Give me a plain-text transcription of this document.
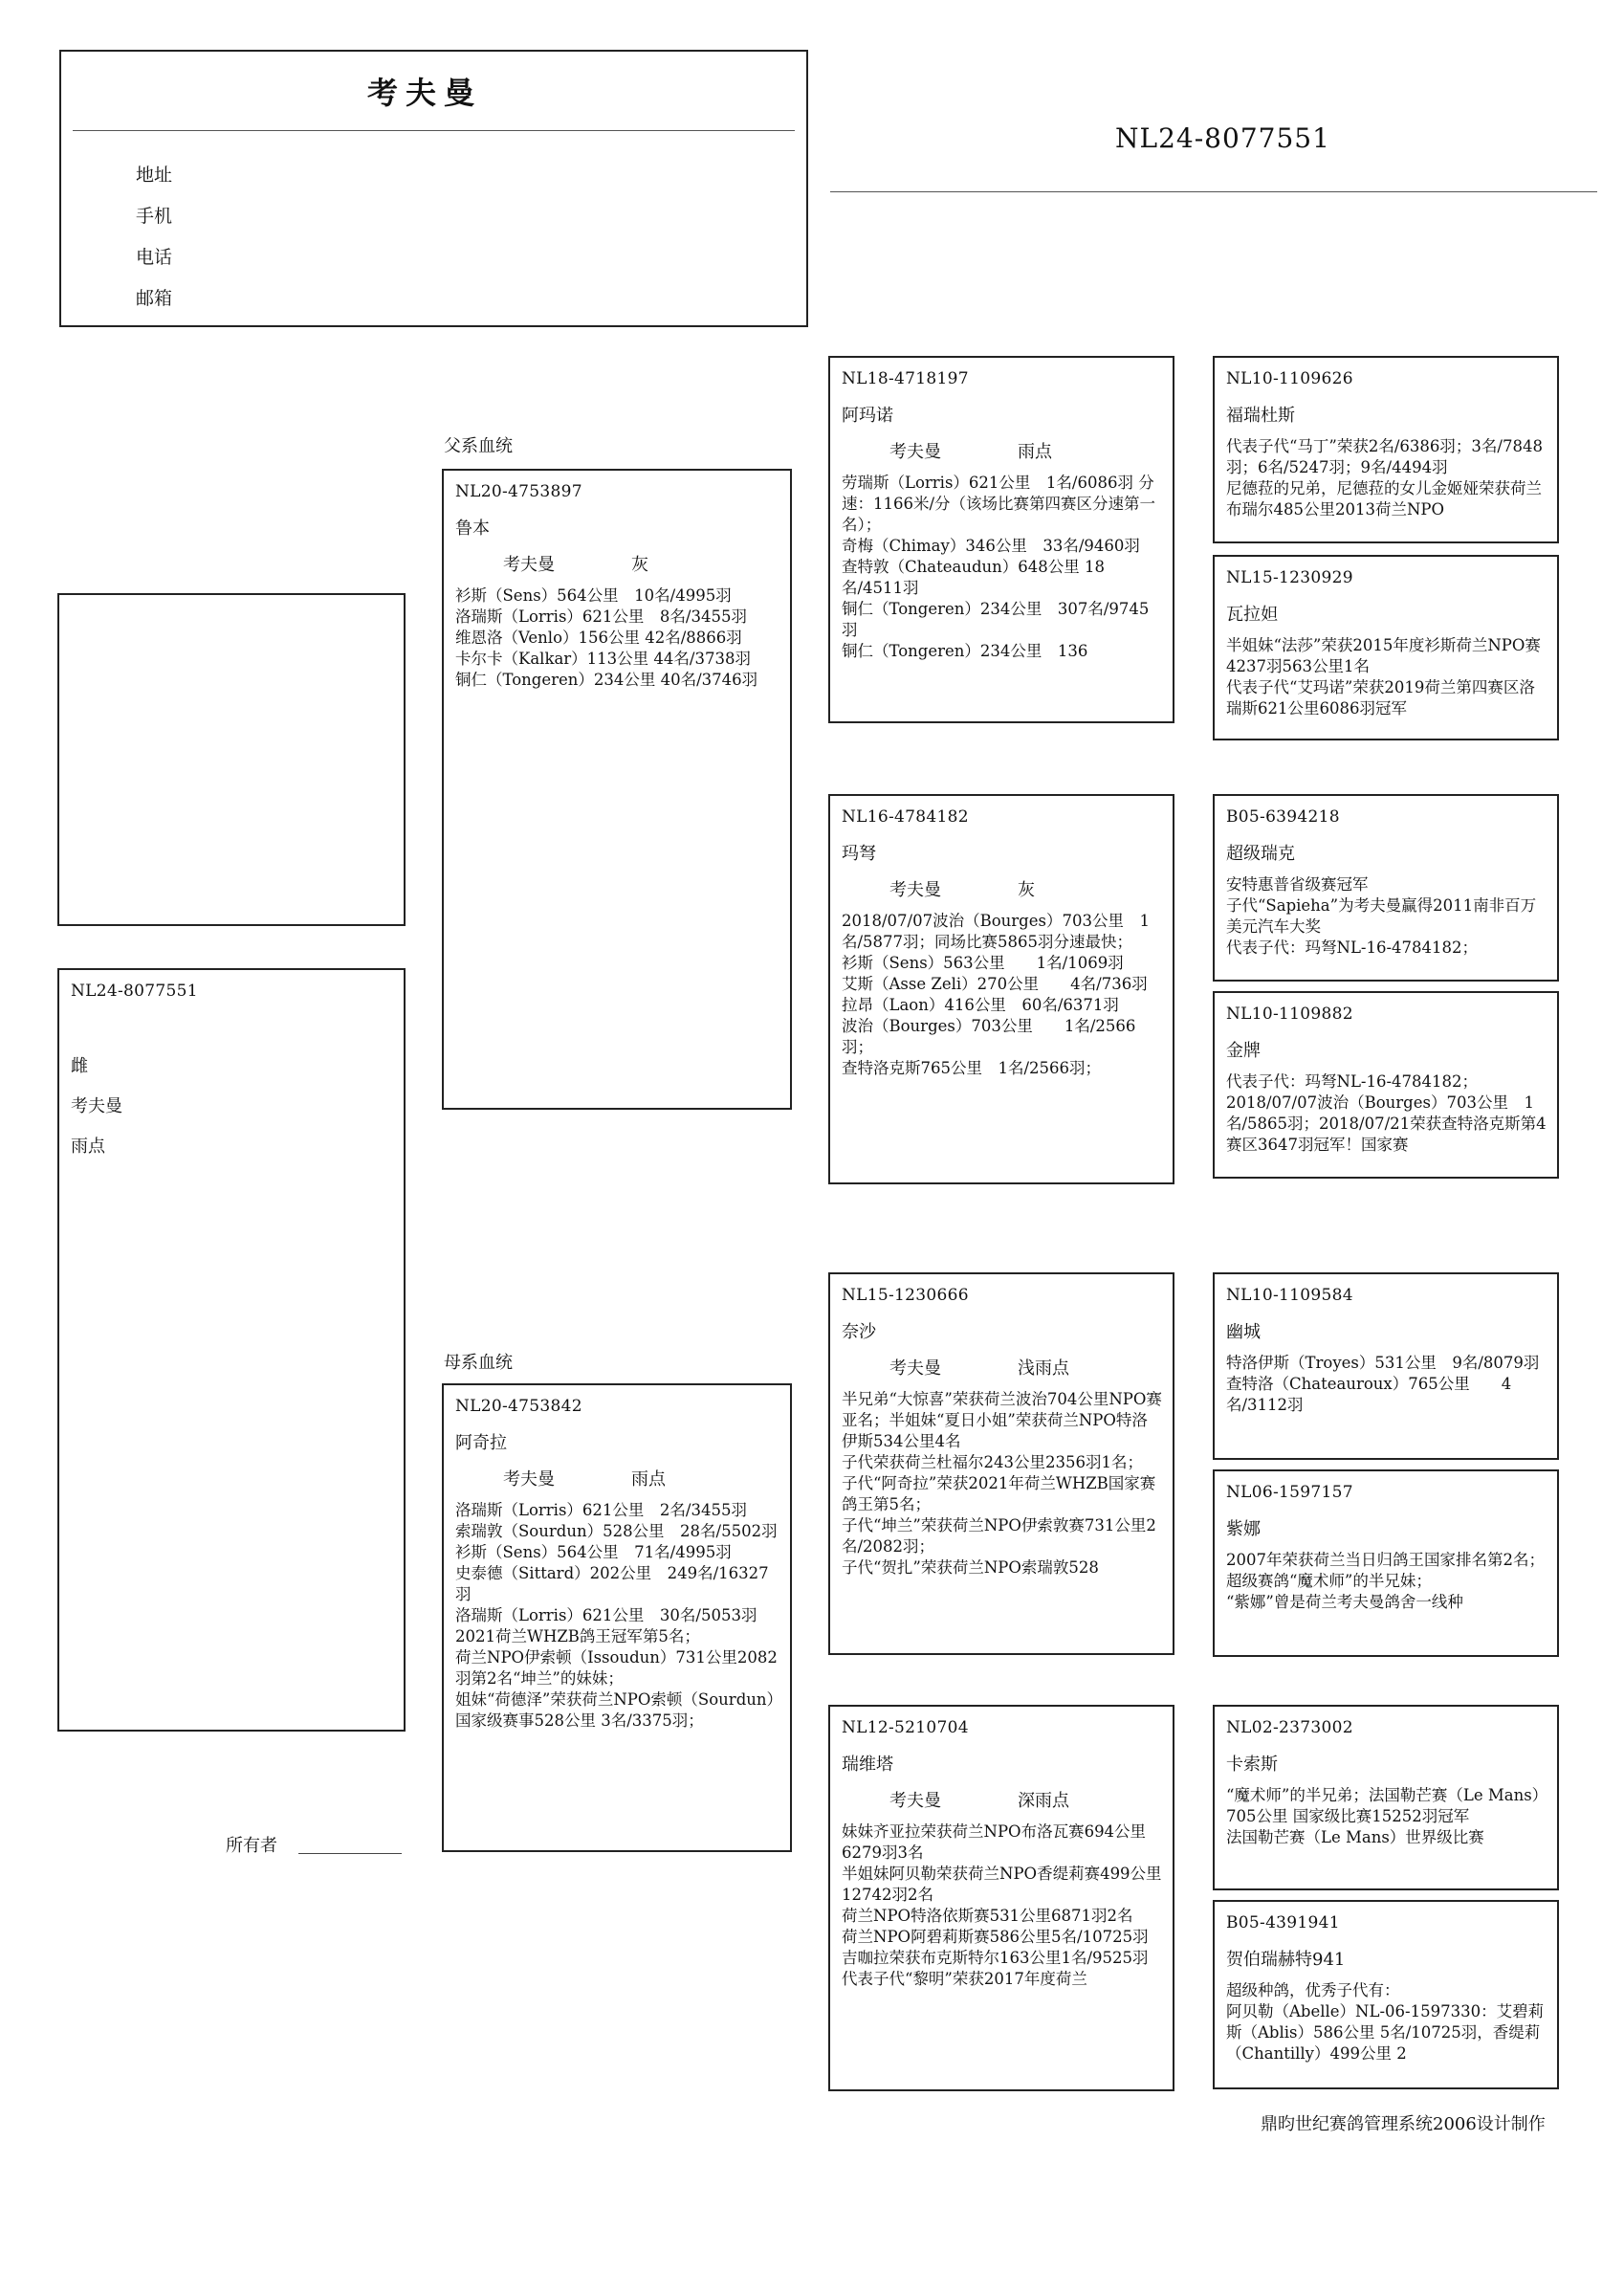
考夫曼
地址
手机
电话
邮箱
NL24-8077551
NL24-8077551
雌
考夫曼
雨点
所有者
父系血统
母系血统
NL20-4753897
鲁本
考夫曼	灰
衫斯（Sens）564公里　10名/4995羽
洛瑞斯（Lorris）621公里　8名/3455羽
维恩洛（Venlo）156公里 42名/8866羽
卡尔卡（Kalkar）113公里 44名/3738羽
铜仁（Tongeren）234公里 40名/3746羽
NL20-4753842
阿奇拉
考夫曼	雨点
洛瑞斯（Lorris）621公里　2名/3455羽
索瑞敦（Sourdun）528公里　28名/5502羽
衫斯（Sens）564公里　71名/4995羽
史泰德（Sittard）202公里　249名/16327羽
洛瑞斯（Lorris）621公里　30名/5053羽
2021荷兰WHZB鸽王冠军第5名；
荷兰NPO伊索顿（Issoudun）731公里2082羽第2名“坤兰”的妹妹；
姐妹“荷德泽”荣获荷兰NPO索顿（Sourdun）国家级赛事528公里 3名/3375羽；
NL18-4718197
阿玛诺
考夫曼	雨点
劳瑞斯（Lorris）621公里　1名/6086羽 分速：1166米/分（该场比赛第四赛区分速第一名）；
奇梅（Chimay）346公里　33名/9460羽
查特敦（Chateaudun）648公里 18名/4511羽
铜仁（Tongeren）234公里　307名/9745羽
铜仁（Tongeren）234公里　136
NL16-4784182
玛弩
考夫曼	灰
2018/07/07波治（Bourges）703公里　1名/5877羽；同场比赛5865羽分速最快；
衫斯（Sens）563公里　　1名/1069羽
艾斯（Asse Zeli）270公里　　4名/736羽
拉昂（Laon）416公里　60名/6371羽
波治（Bourges）703公里　　1名/2566羽；
查特洛克斯765公里　1名/2566羽；
NL15-1230666
奈沙
考夫曼	浅雨点
半兄弟“大惊喜”荣获荷兰波治704公里NPO赛亚名；半姐妹“夏日小姐”荣获荷兰NPO特洛伊斯534公里4名
子代荣获荷兰杜福尔243公里2356羽1名；
子代“阿奇拉”荣获2021年荷兰WHZB国家赛鸽王第5名；
子代“坤兰”荣获荷兰NPO伊索敦赛731公里2名/2082羽；
子代“贺扎”荣获荷兰NPO索瑞敦528
NL12-5210704
瑞维塔
考夫曼	深雨点
妹妹齐亚拉荣获荷兰NPO布洛瓦赛694公里6279羽3名
半姐妹阿贝勒荣获荷兰NPO香缇莉赛499公里12742羽2名
荷兰NPO特洛依斯赛531公里6871羽2名
荷兰NPO阿碧莉斯赛586公里5名/10725羽
吉咖拉荣获布克斯特尔163公里1名/9525羽
代表子代“黎明”荣获2017年度荷兰
NL10-1109626
福瑞杜斯
代表子代“马丁”荣获2名/6386羽；3名/7848羽；6名/5247羽；9名/4494羽
尼德菈的兄弟，尼德菈的女儿金姬娅荣获荷兰布瑞尔485公里2013荷兰NPO
NL15-1230929
瓦拉妲
半姐妹“法莎”荣获2015年度衫斯荷兰NPO赛4237羽563公里1名
代表子代“艾玛诺”荣获2019荷兰第四赛区洛瑞斯621公里6086羽冠军
B05-6394218
超级瑞克
安特惠普省级赛冠军
子代“Sapieha”为考夫曼赢得2011南非百万美元汽车大奖
代表子代：玛弩NL-16-4784182；
NL10-1109882
金牌
代表子代：玛弩NL-16-4784182；
2018/07/07波治（Bourges）703公里　1名/5865羽；2018/07/21荣获查特洛克斯第4赛区3647羽冠军！国家赛
NL10-1109584
幽城
特洛伊斯（Troyes）531公里　9名/8079羽
查特洛（Chateauroux）765公里　　4名/3112羽
NL06-1597157
紫娜
2007年荣获荷兰当日归鸽王国家排名第2名；
超级赛鸽“魔术师”的半兄妹；
“紫娜”曾是荷兰考夫曼鸽舍一线种
NL02-2373002
卡索斯
“魔术师”的半兄弟；法国勒芒赛（Le Mans）705公里 国家级比赛15252羽冠军
法国勒芒赛（Le Mans）世界级比赛
B05-4391941
贺伯瑞赫特941
超级种鸽，优秀子代有：
阿贝勒（Abelle）NL-06-1597330：艾碧莉斯（Ablis）586公里 5名/10725羽，香缇莉（Chantilly）499公里 2
鼎昀世纪赛鸽管理系统2006设计制作
